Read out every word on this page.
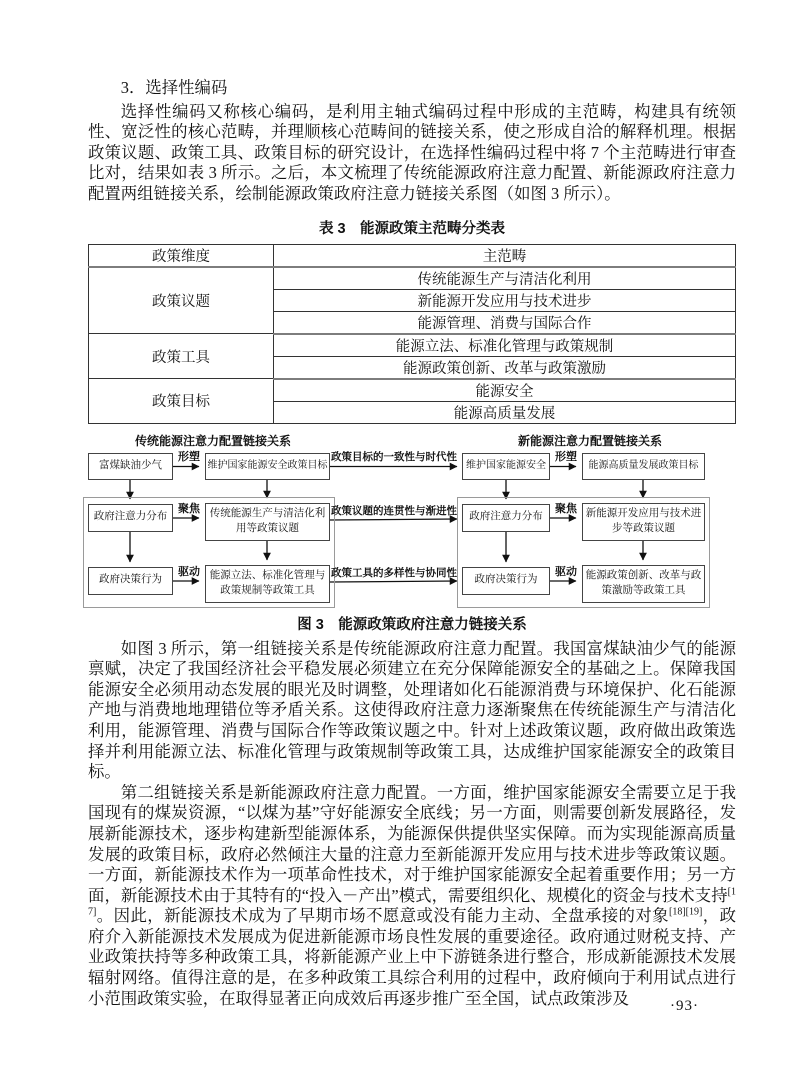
3．选择性编码

选择性编码又称核心编码，是利用主轴式编码过程中形成的主范畴，构建具有统领性、宽泛性的核心范畴，并理顺核心范畴间的链接关系，使之形成自洽的解释机理。根据政策议题、政策工具、政策目标的研究设计，在选择性编码过程中将 7 个主范畴进行审查比对，结果如表 3 所示。之后，本文梳理了传统能源政府注意力配置、新能源政府注意力配置两组链接关系，绘制能源政策政府注意力链接关系图（如图 3 所示）。

表 3　能源政策主范畴分类表
政策维度	主范畴
政策议题	传统能源生产与清洁化利用
	新能源开发应用与技术进步
	能源管理、消费与国际合作
政策工具	能源立法、标准化管理与政策规制
	能源政策创新、改革与政策激励
政策目标	能源安全
	能源高质量发展
传统能源注意力配置链接关系	新能源注意力配置链接关系
富煤缺油少气
政府注意力分布
政府决策行为
维护国家能源安全政策目标
传统能源生产与清洁化利用等政策议题
能源立法、标准化管理与政策规制等政策工具
维护国家能源安全
政府注意力分布
政府决策行为
能源高质量发展政策目标
新能源开发应用与技术进步等政策议题
能源政策创新、改革与政策激励等政策工具
形塑
聚焦
驱动
形塑
聚焦
驱动
政策目标的一致性与时代性
政策议题的连贯性与渐进性
政策工具的多样性与协同性
图 3　能源政策政府注意力链接关系

如图 3 所示，第一组链接关系是传统能源政府注意力配置。我国富煤缺油少气的能源禀赋，决定了我国经济社会平稳发展必须建立在充分保障能源安全的基础之上。保障我国能源安全必须用动态发展的眼光及时调整，处理诸如化石能源消费与环境保护、化石能源产地与消费地地理错位等矛盾关系。这使得政府注意力逐渐聚焦在传统能源生产与清洁化利用，能源管理、消费与国际合作等政策议题之中。针对上述政策议题，政府做出政策选择并利用能源立法、标准化管理与政策规制等政策工具，达成维护国家能源安全的政策目标。

第二组链接关系是新能源政府注意力配置。一方面，维护国家能源安全需要立足于我国现有的煤炭资源，“以煤为基”守好能源安全底线；另一方面，则需要创新发展路径，发展新能源技术，逐步构建新型能源体系，为能源保供提供坚实保障。而为实现能源高质量发展的政策目标，政府必然倾注大量的注意力至新能源开发应用与技术进步等政策议题。一方面，新能源技术作为一项革命性技术，对于维护国家能源安全起着重要作用；另一方面，新能源技术由于其特有的“投入－产出”模式，需要组织化、规模化的资金与技术支持[17]。因此，新能源技术成为了早期市场不愿意或没有能力主动、全盘承接的对象[18][19]，政府介入新能源技术发展成为促进新能源市场良性发展的重要途径。政府通过财税支持、产业政策扶持等多种政策工具，将新能源产业上中下游链条进行整合，形成新能源技术发展辐射网络。值得注意的是，在多种政策工具综合利用的过程中，政府倾向于利用试点进行小范围政策实验，在取得显著正向成效后再逐步推广至全国，试点政策涉及	·93·
